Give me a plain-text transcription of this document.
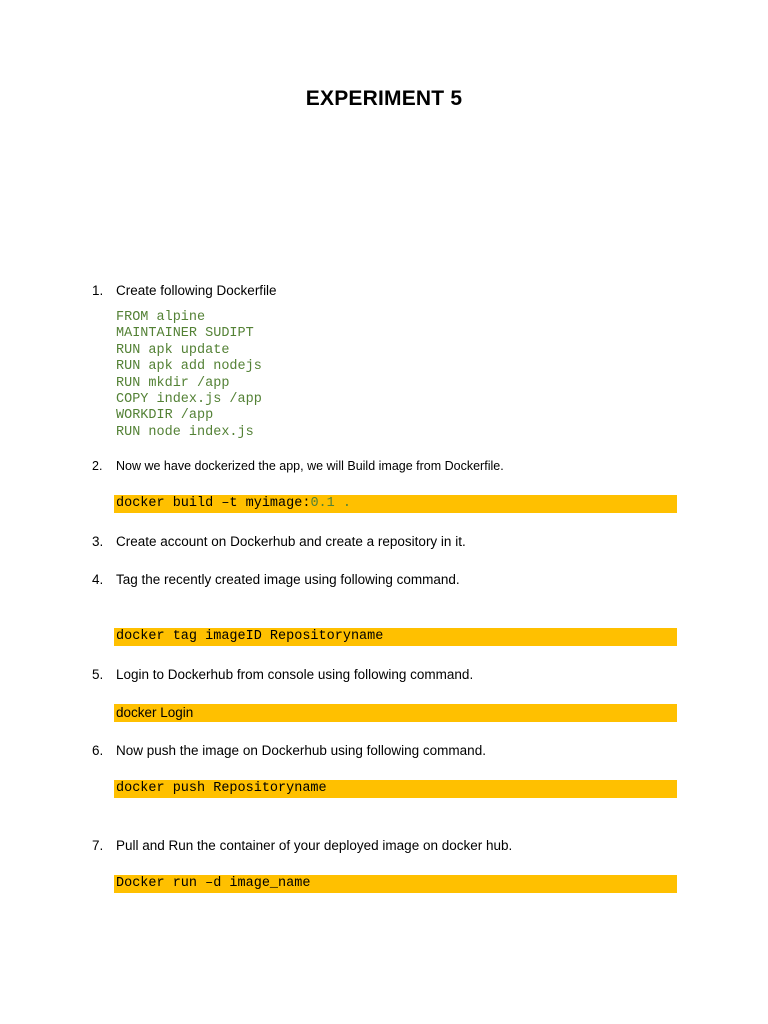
EXPERIMENT 5
1. Create following Dockerfile
FROM alpine
MAINTAINER SUDIPT
RUN apk update
RUN apk add nodejs
RUN mkdir /app
COPY index.js /app
WORKDIR /app
RUN node index.js
2. Now we have dockerized the app, we will Build image from Dockerfile.
docker build –t myimage:0.1 .
3. Create account on Dockerhub and create a repository in it.
4. Tag the recently created image using following command.
docker tag imageID Repositoryname
5. Login to Dockerhub from console using following command.
docker Login
6. Now push the image on Dockerhub using following command.
docker push Repositoryname
7. Pull and Run the container of your deployed image on docker hub.
Docker run –d image_name
